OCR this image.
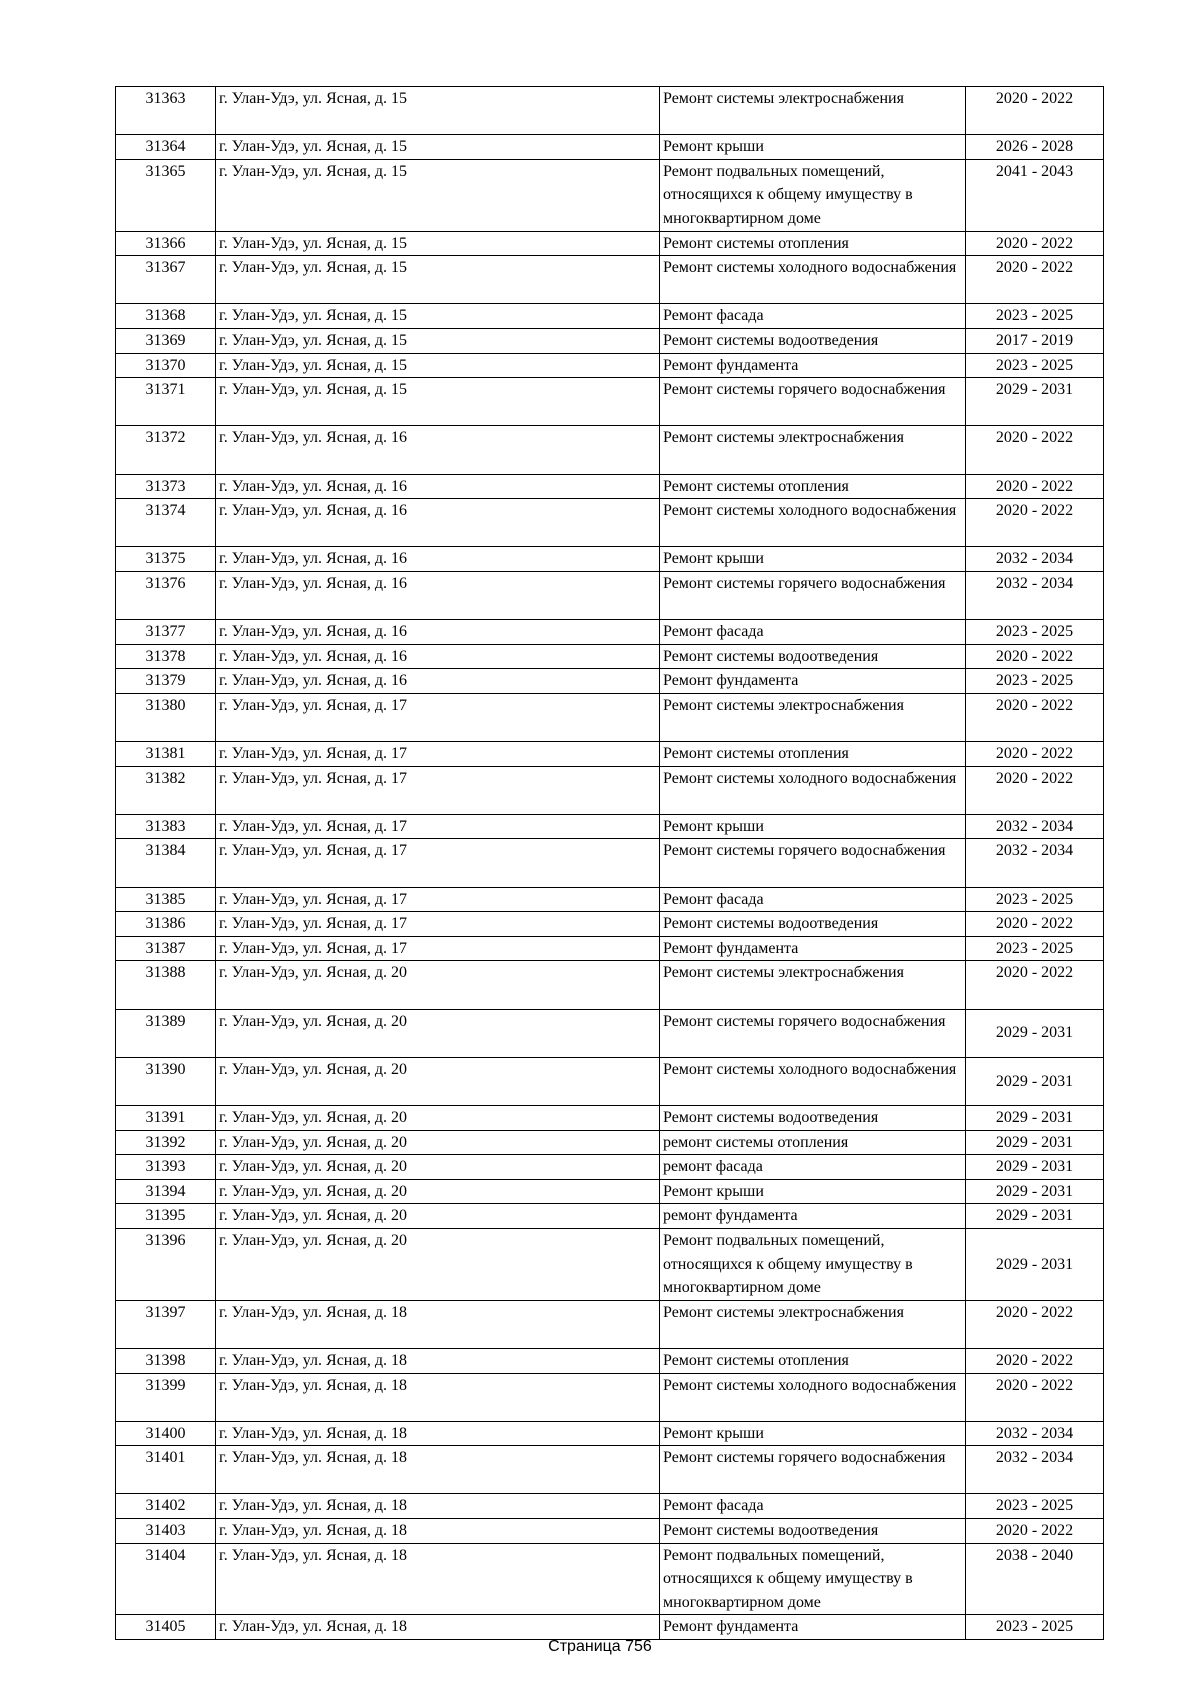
31363	г. Улан-Удэ, ул. Ясная, д. 15	Ремонт системы электроснабжения	2020 - 2022
31364	г. Улан-Удэ, ул. Ясная, д. 15	Ремонт крыши	2026 - 2028
31365	г. Улан-Удэ, ул. Ясная, д. 15	Ремонт подвальных помещений, относящихся к общему имуществу в многоквартирном доме	2041 - 2043
31366	г. Улан-Удэ, ул. Ясная, д. 15	Ремонт системы отопления	2020 - 2022
31367	г. Улан-Удэ, ул. Ясная, д. 15	Ремонт системы холодного водоснабжения	2020 - 2022
31368	г. Улан-Удэ, ул. Ясная, д. 15	Ремонт фасада	2023 - 2025
31369	г. Улан-Удэ, ул. Ясная, д. 15	Ремонт системы водоотведения	2017 - 2019
31370	г. Улан-Удэ, ул. Ясная, д. 15	Ремонт фундамента	2023 - 2025
31371	г. Улан-Удэ, ул. Ясная, д. 15	Ремонт системы горячего водоснабжения	2029 - 2031
31372	г. Улан-Удэ, ул. Ясная, д. 16	Ремонт системы электроснабжения	2020 - 2022
31373	г. Улан-Удэ, ул. Ясная, д. 16	Ремонт системы отопления	2020 - 2022
31374	г. Улан-Удэ, ул. Ясная, д. 16	Ремонт системы холодного водоснабжения	2020 - 2022
31375	г. Улан-Удэ, ул. Ясная, д. 16	Ремонт крыши	2032 - 2034
31376	г. Улан-Удэ, ул. Ясная, д. 16	Ремонт системы горячего водоснабжения	2032 - 2034
31377	г. Улан-Удэ, ул. Ясная, д. 16	Ремонт фасада	2023 - 2025
31378	г. Улан-Удэ, ул. Ясная, д. 16	Ремонт системы водоотведения	2020 - 2022
31379	г. Улан-Удэ, ул. Ясная, д. 16	Ремонт фундамента	2023 - 2025
31380	г. Улан-Удэ, ул. Ясная, д. 17	Ремонт системы электроснабжения	2020 - 2022
31381	г. Улан-Удэ, ул. Ясная, д. 17	Ремонт системы отопления	2020 - 2022
31382	г. Улан-Удэ, ул. Ясная, д. 17	Ремонт системы холодного водоснабжения	2020 - 2022
31383	г. Улан-Удэ, ул. Ясная, д. 17	Ремонт крыши	2032 - 2034
31384	г. Улан-Удэ, ул. Ясная, д. 17	Ремонт системы горячего водоснабжения	2032 - 2034
31385	г. Улан-Удэ, ул. Ясная, д. 17	Ремонт фасада	2023 - 2025
31386	г. Улан-Удэ, ул. Ясная, д. 17	Ремонт системы водоотведения	2020 - 2022
31387	г. Улан-Удэ, ул. Ясная, д. 17	Ремонт фундамента	2023 - 2025
31388	г. Улан-Удэ, ул. Ясная, д. 20	Ремонт системы электроснабжения	2020 - 2022
31389	г. Улан-Удэ, ул. Ясная, д. 20	Ремонт системы горячего водоснабжения	2029 - 2031
31390	г. Улан-Удэ, ул. Ясная, д. 20	Ремонт системы холодного водоснабжения	2029 - 2031
31391	г. Улан-Удэ, ул. Ясная, д. 20	Ремонт системы водоотведения	2029 - 2031
31392	г. Улан-Удэ, ул. Ясная, д. 20	ремонт системы отопления	2029 - 2031
31393	г. Улан-Удэ, ул. Ясная, д. 20	ремонт фасада	2029 - 2031
31394	г. Улан-Удэ, ул. Ясная, д. 20	Ремонт крыши	2029 - 2031
31395	г. Улан-Удэ, ул. Ясная, д. 20	ремонт фундамента	2029 - 2031
31396	г. Улан-Удэ, ул. Ясная, д. 20	Ремонт подвальных помещений, относящихся к общему имуществу в многоквартирном доме	2029 - 2031
31397	г. Улан-Удэ, ул. Ясная, д. 18	Ремонт системы электроснабжения	2020 - 2022
31398	г. Улан-Удэ, ул. Ясная, д. 18	Ремонт системы отопления	2020 - 2022
31399	г. Улан-Удэ, ул. Ясная, д. 18	Ремонт системы холодного водоснабжения	2020 - 2022
31400	г. Улан-Удэ, ул. Ясная, д. 18	Ремонт крыши	2032 - 2034
31401	г. Улан-Удэ, ул. Ясная, д. 18	Ремонт системы горячего водоснабжения	2032 - 2034
31402	г. Улан-Удэ, ул. Ясная, д. 18	Ремонт фасада	2023 - 2025
31403	г. Улан-Удэ, ул. Ясная, д. 18	Ремонт системы водоотведения	2020 - 2022
31404	г. Улан-Удэ, ул. Ясная, д. 18	Ремонт подвальных помещений, относящихся к общему имуществу в многоквартирном доме	2038 - 2040
31405	г. Улан-Удэ, ул. Ясная, д. 18	Ремонт фундамента	2023 - 2025
Страница 756
